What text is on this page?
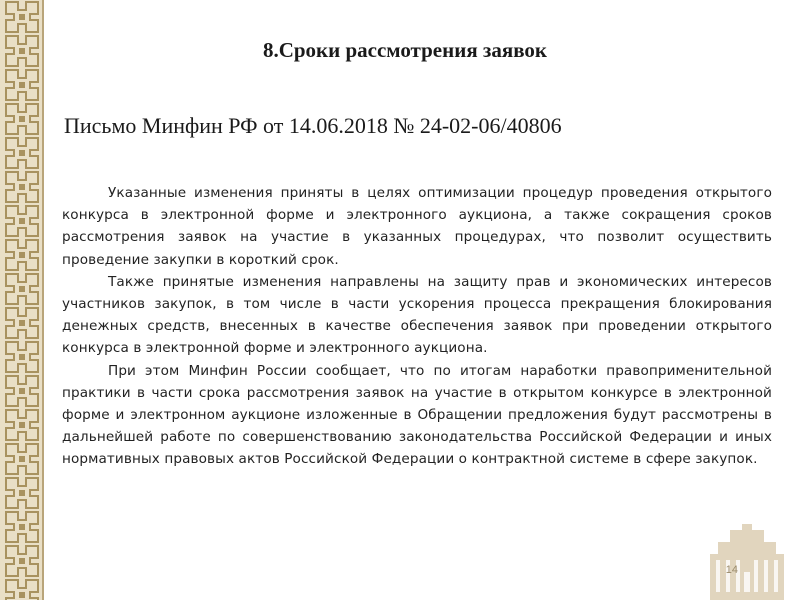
8.Сроки рассмотрения заявок
Письмо Минфин РФ от 14.06.2018 № 24-02-06/40806

Указанные изменения приняты в целях оптимизации процедур проведения открытого конкурса в электронной форме и электронного аукциона, а также сокращения сроков рассмотрения заявок на участие в указанных процедурах, что позволит осуществить проведение закупки в короткий срок.

Также принятые изменения направлены на защиту прав и экономических интересов участников закупок, в том числе в части ускорения процесса прекращения блокирования денежных средств, внесенных в качестве обеспечения заявок при проведении открытого конкурса в электронной форме и электронного аукциона.

При этом Минфин России сообщает, что по итогам наработки правоприменительной практики в части срока рассмотрения заявок на участие в открытом конкурсе в электронной форме и электронном аукционе изложенные в Обращении предложения будут рассмотрены в дальнейшей работе по совершенствованию законодательства Российской Федерации и иных нормативных правовых актов Российской Федерации о контрактной системе в сфере закупок.

14
